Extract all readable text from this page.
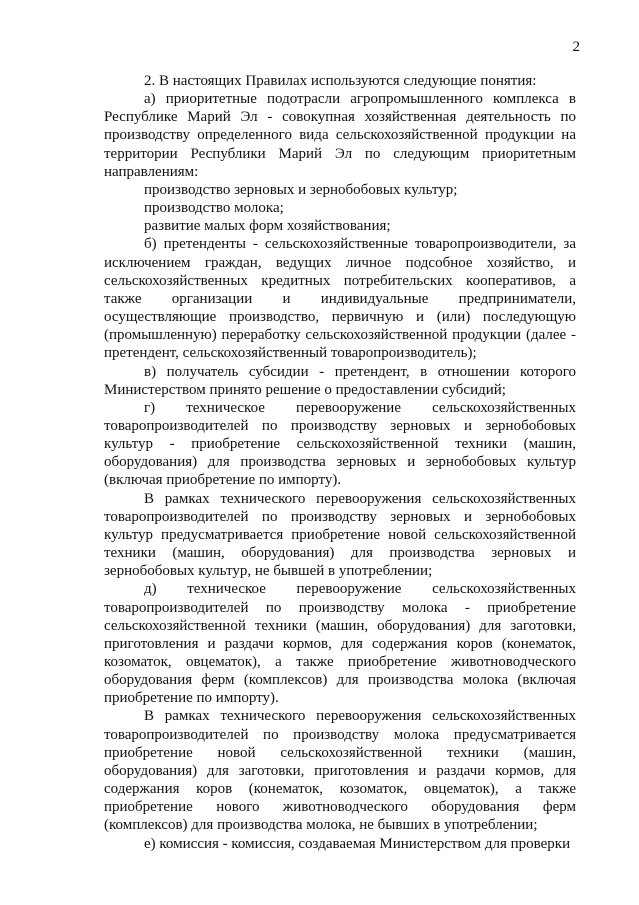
2

2. В настоящих Правилах используются следующие понятия:

а) приоритетные подотрасли агропромышленного комплекса в Республике Марий Эл - совокупная хозяйственная деятельность по производству определенного вида сельскохозяйственной продукции на территории Республики Марий Эл по следующим приоритетным направлениям:

производство зерновых и зернобобовых культур;

производство молока;

развитие малых форм хозяйствования;

б) претенденты - сельскохозяйственные товаропроизводители, за исключением граждан, ведущих личное подсобное хозяйство, и сельскохозяйственных кредитных потребительских кооперативов, а также организации и индивидуальные предприниматели, осуществляющие производство, первичную и (или) последующую (промышленную) переработку сельскохозяйственной продукции (далее - претендент, сельскохозяйственный товаропроизводитель);

в) получатель субсидии - претендент, в отношении которого Министерством принято решение о предоставлении субсидий;

г) техническое перевооружение сельскохозяйственных товаропроизводителей по производству зерновых и зернобобовых культур - приобретение сельскохозяйственной техники (машин, оборудования) для производства зерновых и зернобобовых культур (включая приобретение по импорту).

В рамках технического перевооружения сельскохозяйственных товаропроизводителей по производству зерновых и зернобобовых культур предусматривается приобретение новой сельскохозяйственной техники (машин, оборудования) для производства зерновых и зернобобовых культур, не бывшей в употреблении;

д) техническое перевооружение сельскохозяйственных товаропроизводителей по производству молока - приобретение сельскохозяйственной техники (машин, оборудования) для заготовки, приготовления и раздачи кормов, для содержания коров (конематок, козоматок, овцематок), а также приобретение животноводческого оборудования ферм (комплексов) для производства молока (включая приобретение по импорту).

В рамках технического перевооружения сельскохозяйственных товаропроизводителей по производству молока предусматривается приобретение новой сельскохозяйственной техники (машин, оборудования) для заготовки, приготовления и раздачи кормов, для содержания коров (конематок, козоматок, овцематок), а также приобретение нового животноводческого оборудования ферм (комплексов) для производства молока, не бывших в употреблении;

е) комиссия - комиссия, создаваемая Министерством для проверки
